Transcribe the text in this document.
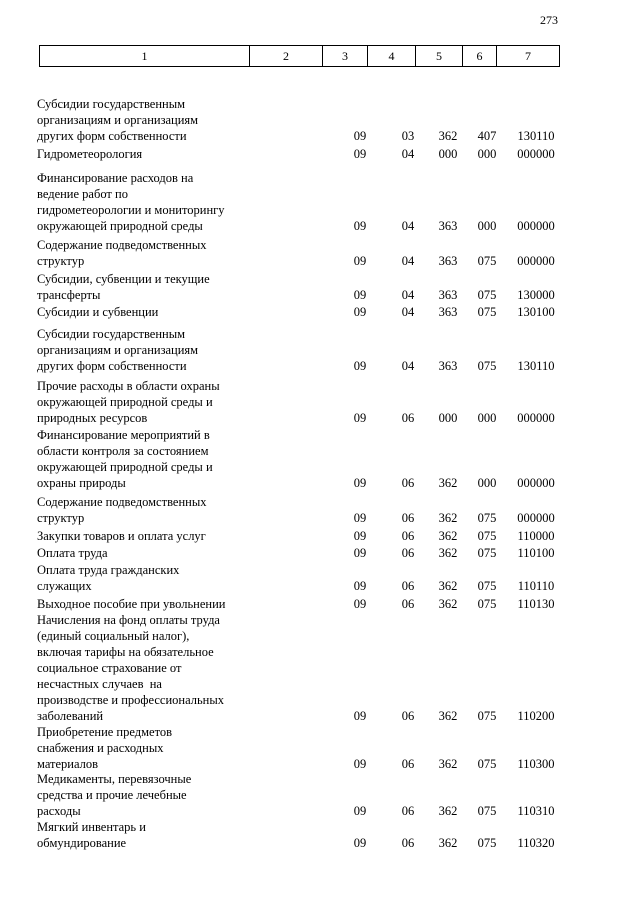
273
1	2	3	4	5	6	7
Субсидии государственным
организациям и организациям
других форм собственности	09	03	362	407	130110
Гидрометеорология	09	04	000	000	000000
Финансирование расходов на
ведение работ по
гидрометеорологии и мониторингу
окружающей природной среды	09	04	363	000	000000
Содержание подведомственных
структур	09	04	363	075	000000
Субсидии, субвенции и текущие
трансферты	09	04	363	075	130000
Субсидии и субвенции	09	04	363	075	130100
Субсидии государственным
организациям и организациям
других форм собственности	09	04	363	075	130110
Прочие расходы в области охраны
окружающей природной среды и
природных ресурсов	09	06	000	000	000000
Финансирование мероприятий в
области контроля за состоянием
окружающей природной среды и
охраны природы	09	06	362	000	000000
Содержание подведомственных
структур	09	06	362	075	000000
Закупки товаров и оплата услуг	09	06	362	075	110000
Оплата труда	09	06	362	075	110100
Оплата труда гражданских
служащих	09	06	362	075	110110
Выходное пособие при увольнении	09	06	362	075	110130
Начисления на фонд оплаты труда
(единый социальный налог),
включая тарифы на обязательное
социальное страхование от
несчастных случаев  на
производстве и профессиональных
заболеваний	09	06	362	075	110200
Приобретение предметов
снабжения и расходных
материалов	09	06	362	075	110300
Медикаменты, перевязочные
средства и прочие лечебные
расходы	09	06	362	075	110310
Мягкий инвентарь и
обмундирование	09	06	362	075	110320
